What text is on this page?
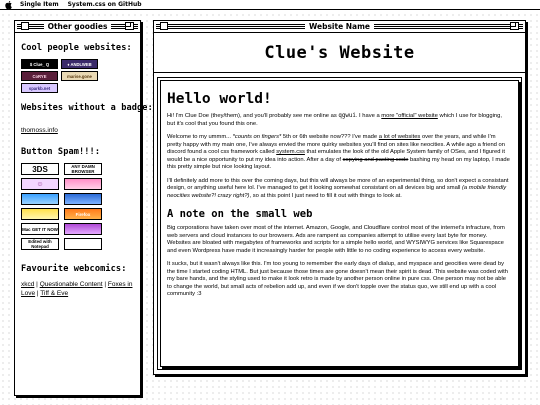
Single Item System.css on GitHub
Other goodies
Cool people websites:
$ Clue_ Q	♦ ANDLWEB
CoRYE	marise.gone
sparkb.net
Websites without a badge:
thomoss.info
Button Spam!!!:
3DS	ANY DAMN BROWSER
☺
Firefox
Mac GET IT NOW
Edited with Notepad
Favourite webcomics:
xkcd | Questionable Content | Foxes in Love | Tiff & Eve
Website Name
Clue's Website
Hello world!

Hi! I'm Clue Doe (they/them), and you'll probably see me online as qgwui. I have a more "official" website which I use for blogging, but it's cool that you found this one.

Welcome to my ummm... *counts on fingers* 5th or 6th website now??? I've made a lot of websites over the years, and while I'm pretty happy with my main one, I've always envied the more quirky websites you'll find on sites like neocities. A while ago a friend on discord found a cool css framework called system.css that emulates the look of the old Apple System family of OSes, and I figured it would be a nice opportunity to put my idea into action. After a day of copying and pasting code bashing my head on my laptop, I made this pretty simple but nice looking layout.

I'll definitely add more to this over the coming days, but this will always be more of an experimental thing, so don't expect a consistant design, or anything useful here lol. I've managed to get it looking somewhat consistant on all devices big and small (a mobile friendly neocities website?! crazy right?), so at this point I just need to fill it out with things to look at.

A note on the small web

Big corporations have taken over most of the internet. Amazon, Google, and Cloudflare control most of the internet's infracture, from web servers and cloud instances to our browsers. Ads are rampent as companies attempt to utilise every last byte for money. Websites are bloated with megabytes of frameworks and scripts for a simple hello world, and WYSIWYG services like Squarespace and even Wordpress have made it increasingly harder for people with little to no coding experience to access every website.

It sucks, but it wasn't always like this. I'm too young to remember the early days of dialup, and myspace and geocities were dead by the time I started coding HTML. But just because those times are gone doesn't mean their spirit is dead. This website was coded with my bare hands, and the styling used to make it look retro is made by another person online in pure css. One person may not be able to change the world, but small acts of rebelion add up, and even if we don't topple over the status quo, we still end up with a cool community :3
